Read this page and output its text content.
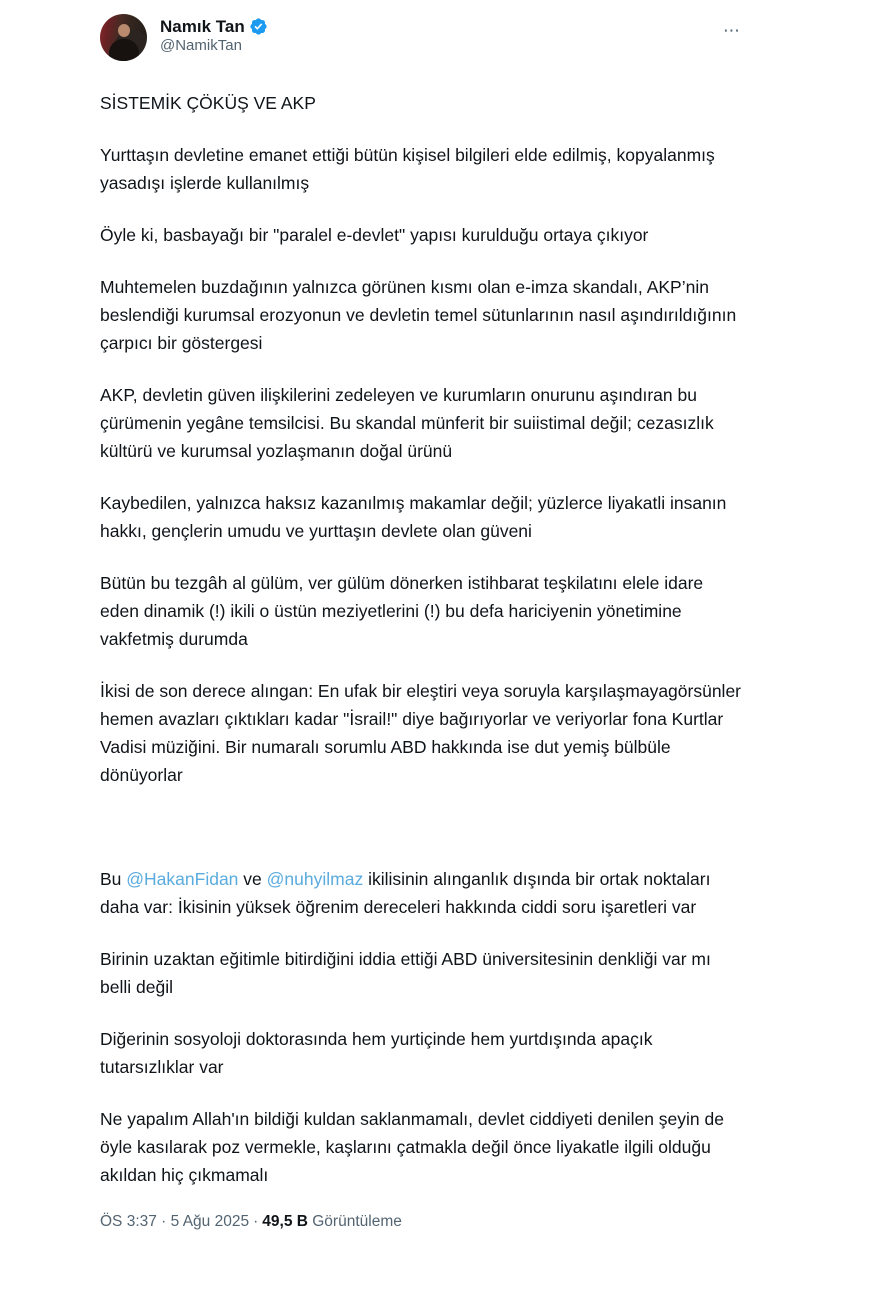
Namık Tan
@NamikTan
⋯

SİSTEMİK ÇÖKÜŞ VE AKP

Yurttaşın devletine emanet ettiği bütün kişisel bilgileri elde edilmiş, kopyalanmış  yasadışı işlerde kullanılmış

Öyle ki, basbayağı bir "paralel e-devlet" yapısı kurulduğu ortaya çıkıyor

Muhtemelen buzdağının yalnızca görünen kısmı olan e-imza skandalı, AKP’nin beslendiği kurumsal erozyonun ve devletin temel sütunlarının nasıl aşındırıldığının çarpıcı bir göstergesi

AKP, devletin güven ilişkilerini zedeleyen ve kurumların onurunu aşındıran bu çürümenin yegâne temsilcisi. Bu skandal münferit bir suiistimal değil; cezasızlık kültürü ve kurumsal yozlaşmanın doğal ürünü

Kaybedilen, yalnızca haksız kazanılmış makamlar değil; yüzlerce liyakatli insanın hakkı, gençlerin umudu ve yurttaşın devlete olan güveni

Bütün bu tezgâh al gülüm, ver gülüm dönerken istihbarat teşkilatını elele idare eden dinamik (!) ikili o üstün meziyetlerini (!) bu defa hariciyenin yönetimine vakfetmiş durumda

İkisi de son derece alıngan: En ufak bir eleştiri veya soruyla karşılaşmayagörsünler hemen avazları çıktıkları kadar "İsrail!" diye bağırıyorlar ve veriyorlar fona Kurtlar Vadisi müziğini. Bir numaralı sorumlu ABD hakkında ise dut yemiş bülbüle dönüyorlar

Bu @HakanFidan ve @nuhyilmaz ikilisinin alınganlık dışında bir ortak noktaları daha var: İkisinin yüksek öğrenim dereceleri hakkında ciddi soru işaretleri var

Birinin uzaktan eğitimle bitirdiğini iddia ettiği ABD üniversitesinin denkliği var mı belli değil

Diğerinin sosyoloji doktorasında hem yurtiçinde hem yurtdışında apaçık tutarsızlıklar var

Ne yapalım Allah'ın bildiği kuldan saklanmamalı, devlet ciddiyeti denilen şeyin de öyle kasılarak poz vermekle, kaşlarını çatmakla değil önce liyakatle ilgili olduğu akıldan hiç çıkmamalı

ÖS 3:37 · 5 Ağu 2025 · 49,5 B Görüntüleme
